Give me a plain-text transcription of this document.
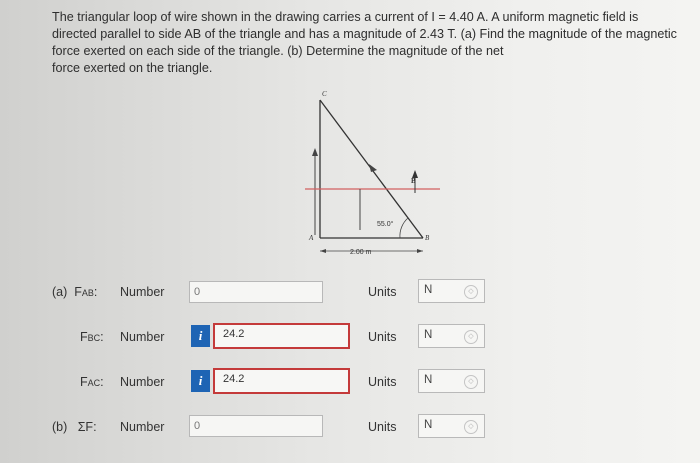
The triangular loop of wire shown in the drawing carries a current of I = 4.40 A. A uniform magnetic field is
directed parallel to side AB of the triangle and has a magnitude of 2.43 T. (a) Find the magnitude of the magnetic
force exerted on each side of the triangle. (b) Determine the magnitude of the net
force exerted on the triangle.
C
A	B
B⃗
55.0°
2.00 m
(a) FAB: Number	0	Units N	◇
FBC: Number	i	24.2	Units N	◇
FAC: Number	i	24.2	Units N	◇
(b) ΣF: Number	0	Units N	◇
